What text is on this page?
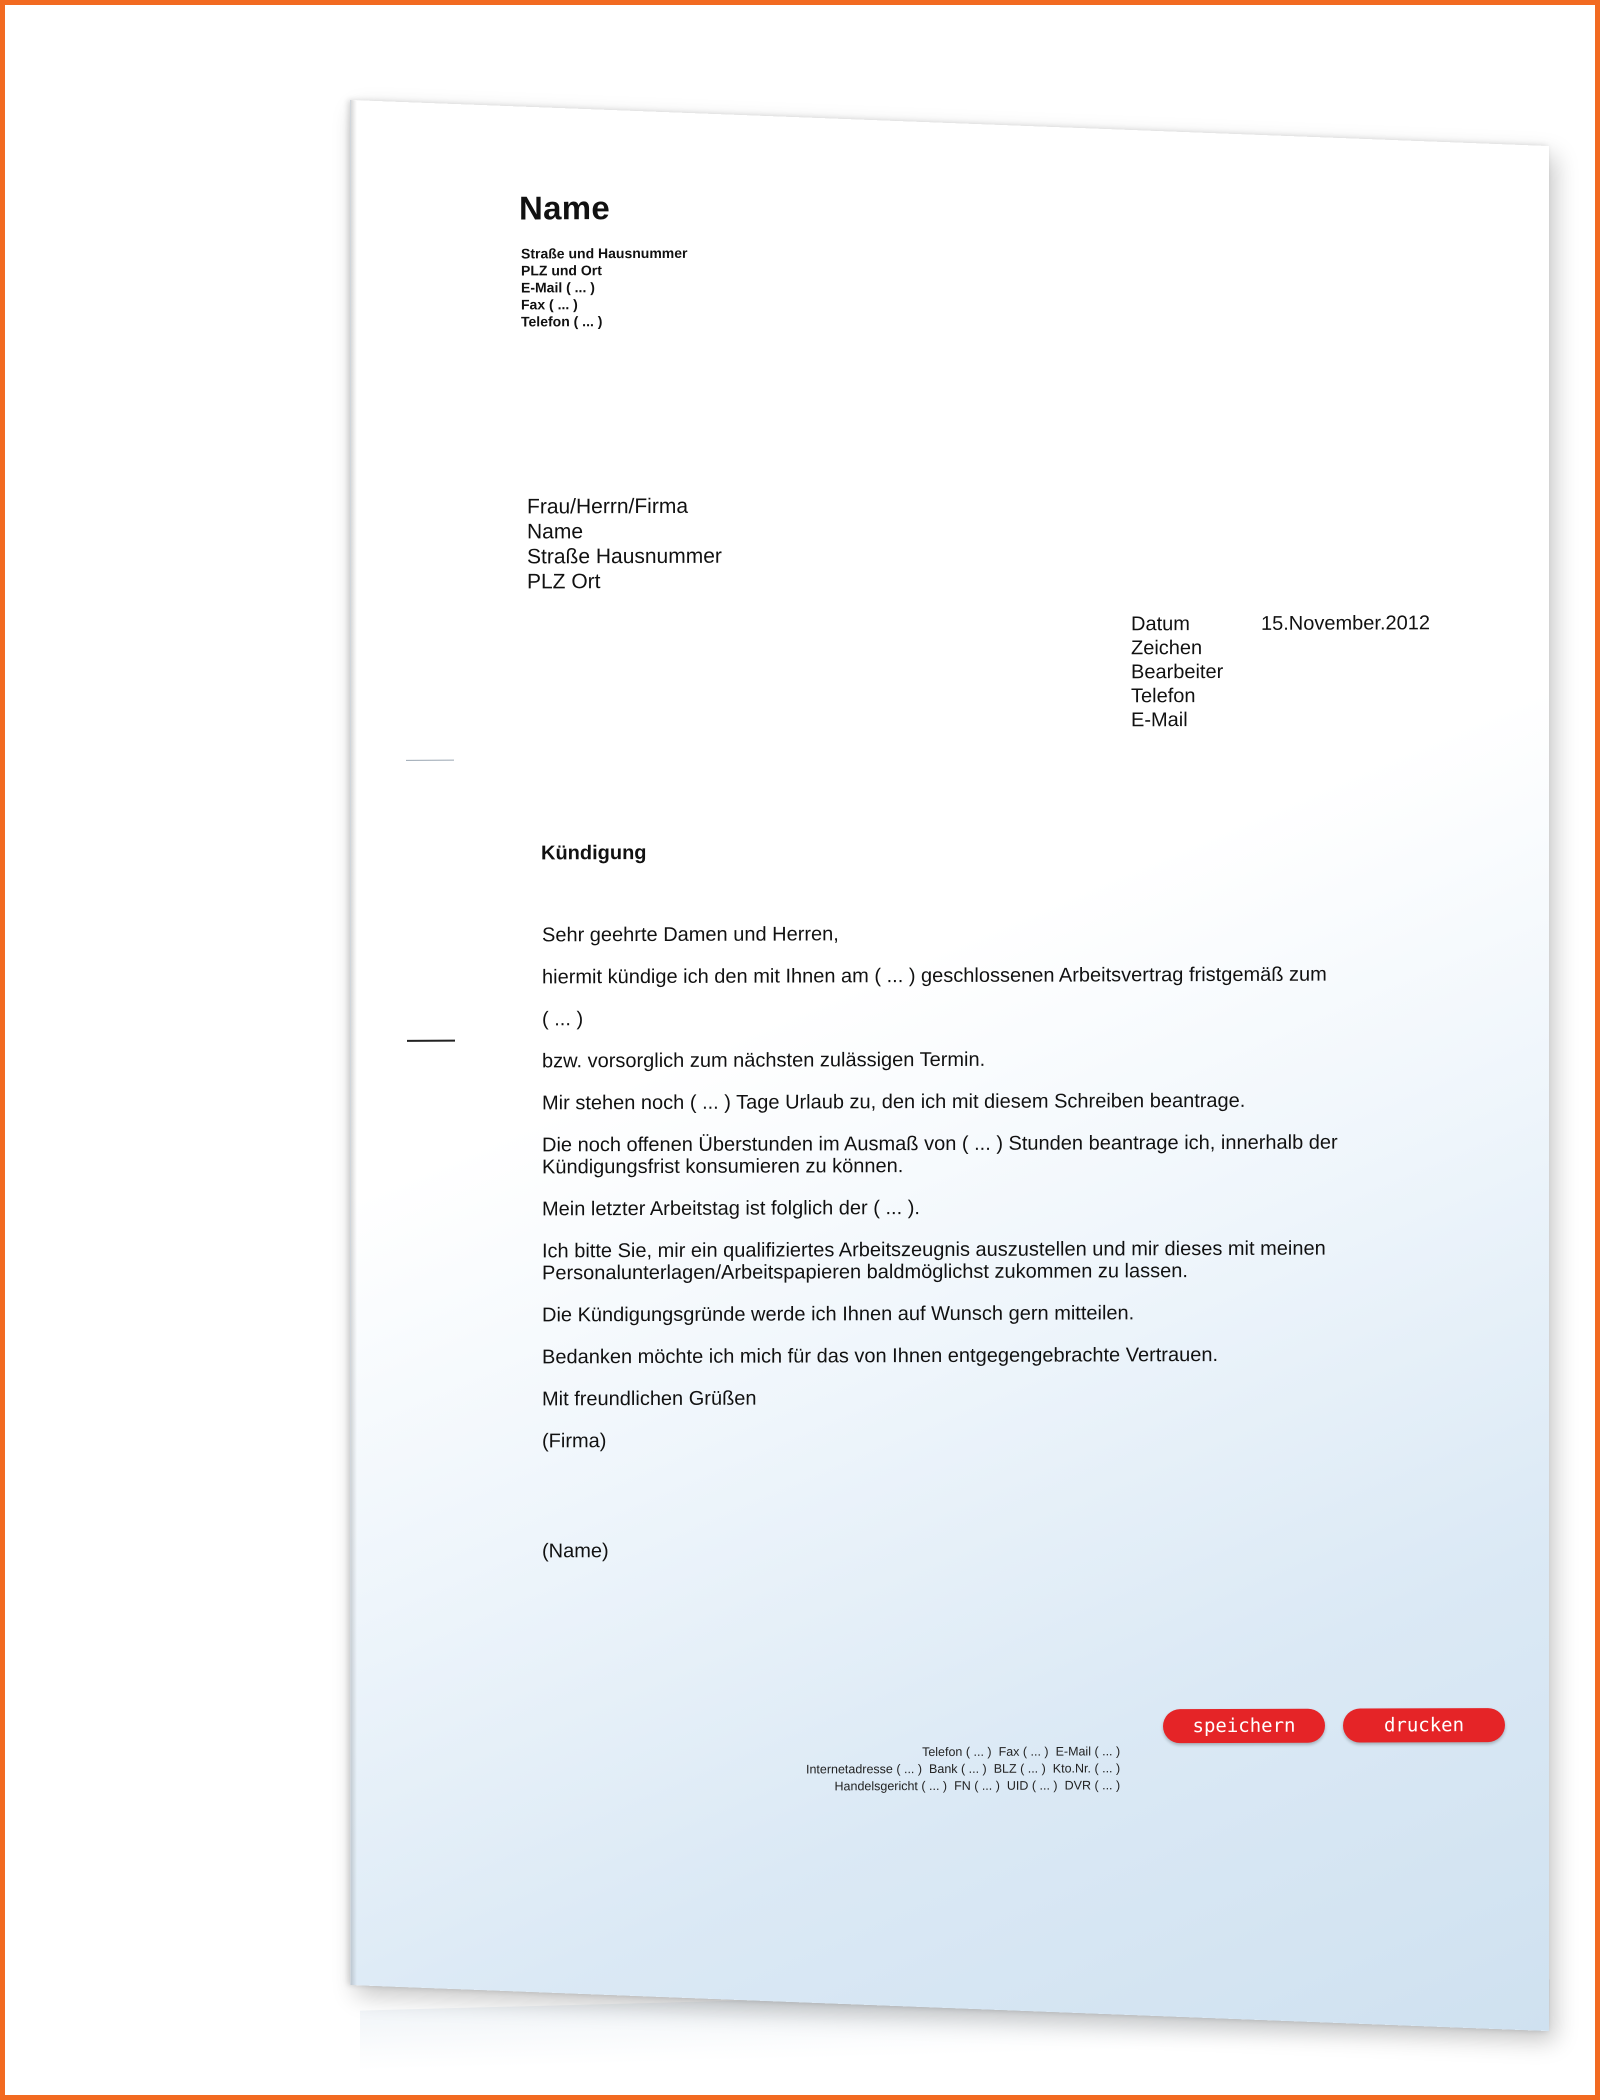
Name
Straße und Hausnummer
PLZ und Ort
E-Mail ( ... )
Fax ( ... )
Telefon ( ... )
Frau/Herrn/Firma
Name
Straße Hausnummer
PLZ Ort
Datum	15.November.2012
Zeichen
Bearbeiter
Telefon
E-Mail
Kündigung

Sehr geehrte Damen und Herren,

hiermit kündige ich den mit Ihnen am ( ... ) geschlossenen Arbeitsvertrag fristgemäß zum

( ... )

bzw. vorsorglich zum nächsten zulässigen Termin.

Mir stehen noch ( ... ) Tage Urlaub zu, den ich mit diesem Schreiben beantrage.

Die noch offenen Überstunden im Ausmaß von ( ... ) Stunden beantrage ich, innerhalb der Kündigungsfrist konsumieren zu können.

Mein letzter Arbeitstag ist folglich der ( ... ).

Ich bitte Sie, mir ein qualifiziertes Arbeitszeugnis auszustellen und mir dieses mit meinen Personalunterlagen/Arbeitspapieren baldmöglichst zukommen zu lassen.

Die Kündigungsgründe werde ich Ihnen auf Wunsch gern mitteilen.

Bedanken möchte ich mich für das von Ihnen entgegengebrachte Vertrauen.

Mit freundlichen Grüßen

(Firma)

(Name)

Telefon ( ... ) Fax ( ... ) E-Mail ( ... )
Internetadresse ( ... ) Bank ( ... ) BLZ ( ... ) Kto.Nr. ( ... )
Handelsgericht ( ... ) FN ( ... ) UID ( ... ) DVR ( ... )
speichern	drucken
